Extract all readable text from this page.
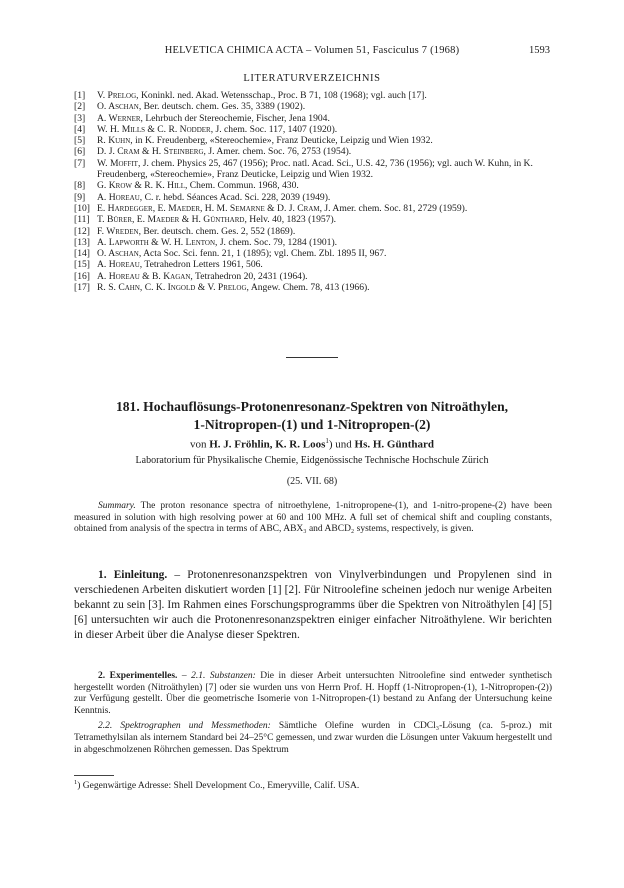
HELVETICA CHIMICA ACTA – Volumen 51, Fasciculus 7 (1968)	1593
LITERATURVERZEICHNIS
[1]	V. Prelog, Koninkl. ned. Akad. Wetensschap., Proc. B 71, 108 (1968); vgl. auch [17].
[2]	O. Aschan, Ber. deutsch. chem. Ges. 35, 3389 (1902).
[3]	A. Werner, Lehrbuch der Stereochemie, Fischer, Jena 1904.
[4]	W. H. Mills & C. R. Nodder, J. chem. Soc. 117, 1407 (1920).
[5]	R. Kuhn, in K. Freudenberg, «Stereochemie», Franz Deuticke, Leipzig und Wien 1932.
[6]	D. J. Cram & H. Steinberg, J. Amer. chem. Soc. 76, 2753 (1954).
[7]	W. Moffit, J. chem. Physics 25, 467 (1956); Proc. natl. Acad. Sci., U.S. 42, 736 (1956); vgl. auch W. Kuhn, in K. Freudenberg, «Stereochemie», Franz Deuticke, Leipzig und Wien 1932.
[8]	G. Krow & R. K. Hill, Chem. Commun. 1968, 430.
[9]	A. Horeau, C. r. hebd. Séances Acad. Sci. 228, 2039 (1949).
[10] E. Hardegger, E. Maeder, H. M. Semarne & D. J. Cram, J. Amer. chem. Soc. 81, 2729 (1959).
[11] T. Bürer, E. Maeder & H. Günthard, Helv. 40, 1823 (1957).
[12] F. Wreden, Ber. deutsch. chem. Ges. 2, 552 (1869).
[13] A. Lapworth & W. H. Lenton, J. chem. Soc. 79, 1284 (1901).
[14] O. Aschan, Acta Soc. Sci. fenn. 21, 1 (1895); vgl. Chem. Zbl. 1895 II, 967.
[15] A. Horeau, Tetrahedron Letters 1961, 506.
[16] A. Horeau & B. Kagan, Tetrahedron 20, 2431 (1964).
[17] R. S. Cahn, C. K. Ingold & V. Prelog, Angew. Chem. 78, 413 (1966).
181. Hochauflösungs-Protonenresonanz-Spektren von Nitroäthylen,
1-Nitropropen-(1) und 1-Nitropropen-(2)
von H. J. Fröhlin, K. R. Loos$^1$) und Hs. H. Günthard
Laboratorium für Physikalische Chemie, Eidgenössische Technische Hochschule Zürich
(25. VII. 68)
Summary. The proton resonance spectra of nitroethylene, 1-nitropropene-(1), and 1-nitro-propene-(2) have been measured in solution with high resolving power at 60 and 100 MHz. A full set of chemical shift and coupling constants, obtained from analysis of the spectra in terms of ABC, ABX₃ and ABCD₂ systems, respectively, is given.
1. Einleitung. – Protonenresonanzspektren von Vinylverbindungen und Propylenen sind in verschiedenen Arbeiten diskutiert worden [1] [2]. Für Nitroolefine scheinen jedoch nur wenige Arbeiten bekannt zu sein [3]. Im Rahmen eines Forschungsprogramms über die Spektren von Nitroäthylen [4] [5] [6] untersuchten wir auch die Protonenresonanzspektren einiger einfacher Nitroäthylene. Wir berichten in dieser Arbeit über die Analyse dieser Spektren.

2. Experimentelles. – 2.1. Substanzen: Die in dieser Arbeit untersuchten Nitroolefine sind entweder synthetisch hergestellt worden (Nitroäthylen) [7] oder sie wurden uns von Herrn Prof. H. Hopff (1-Nitropropen-(1), 1-Nitropropen-(2)) zur Verfügung gestellt. Über die geometrische Isomerie von 1-Nitropropen-(1) bestand zu Anfang der Untersuchung keine Kenntnis.

2.2. Spektrographen und Messmethoden: Sämtliche Olefine wurden in CDCl₃-Lösung (ca. 5-proz.) mit Tetramethylsilan als internem Standard bei 24–25°C gemessen, und zwar wurden die Lösungen unter Vakuum hergestellt und in abgeschmolzenen Röhrchen gemessen. Das Spektrum

$^1$) Gegenwärtige Adresse: Shell Development Co., Emeryville, Calif. USA.
